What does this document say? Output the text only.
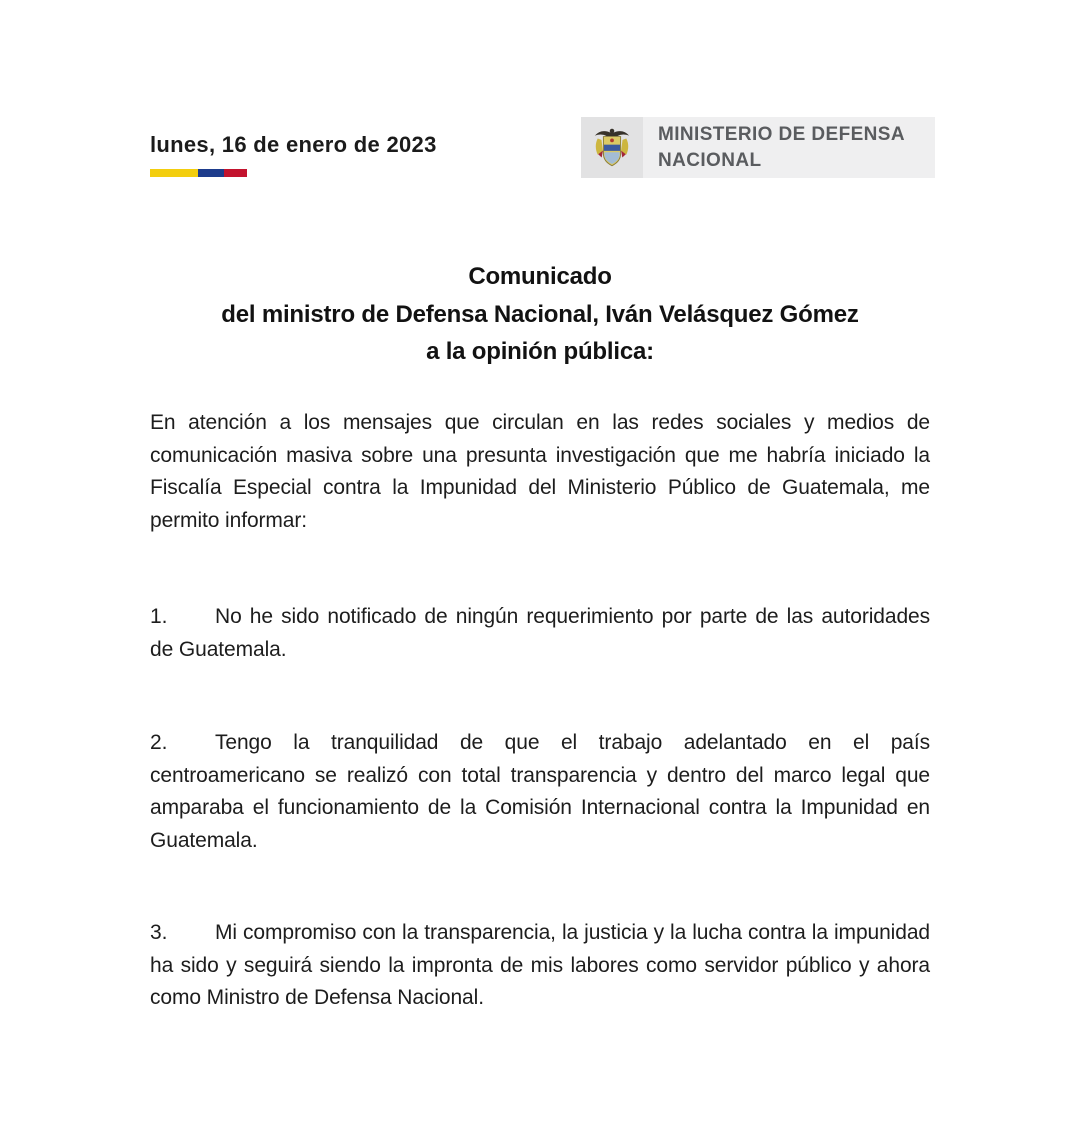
lunes, 16 de enero de 2023	MINISTERIO DE DEFENSA
NACIONAL
Comunicado
del ministro de Defensa Nacional, Iván Velásquez Gómez
a la opinión pública:

En atención a los mensajes que circulan en las redes sociales y medios de comunicación masiva sobre una presunta investigación que me habría iniciado la Fiscalía Especial contra la Impunidad del Ministerio Público de Guatemala, me permito informar:

1. No he sido notificado de ningún requerimiento por parte de las autoridades de Guatemala.

2. Tengo la tranquilidad de que el trabajo adelantado en el país centroamericano se realizó con total transparencia y dentro del marco legal que amparaba el funcionamiento de la Comisión Internacional contra la Impunidad en Guatemala.

3. Mi compromiso con la transparencia, la justicia y la lucha contra la impunidad ha sido y seguirá siendo la impronta de mis labores como servidor público y ahora como Ministro de Defensa Nacional.
